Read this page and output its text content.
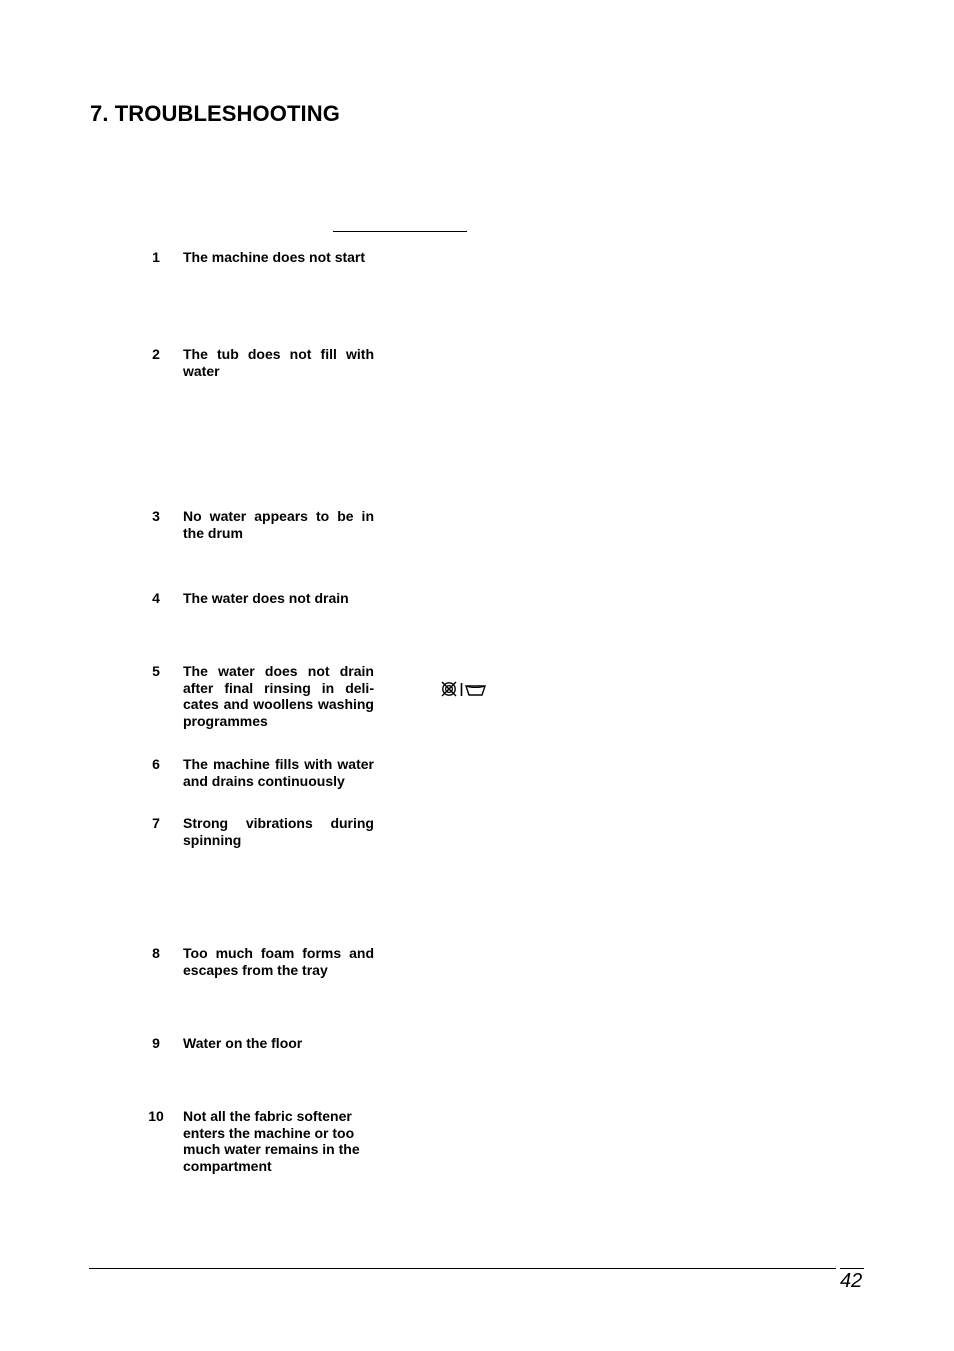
7. TROUBLESHOOTING
1	The machine does not start
2	The tub does not fill with water
3	No water appears to be in the drum
4	The water does not drain
5	The water does not drain after final rinsing in delicates and woollens washing programmes
6	The machine fills with water and drains continuously
7	Strong vibrations during spinning
8	Too much foam forms and escapes from the tray
9	Water on the floor
10 Not all the fabric softener enters the machine or too much water remains in the compartment
42
